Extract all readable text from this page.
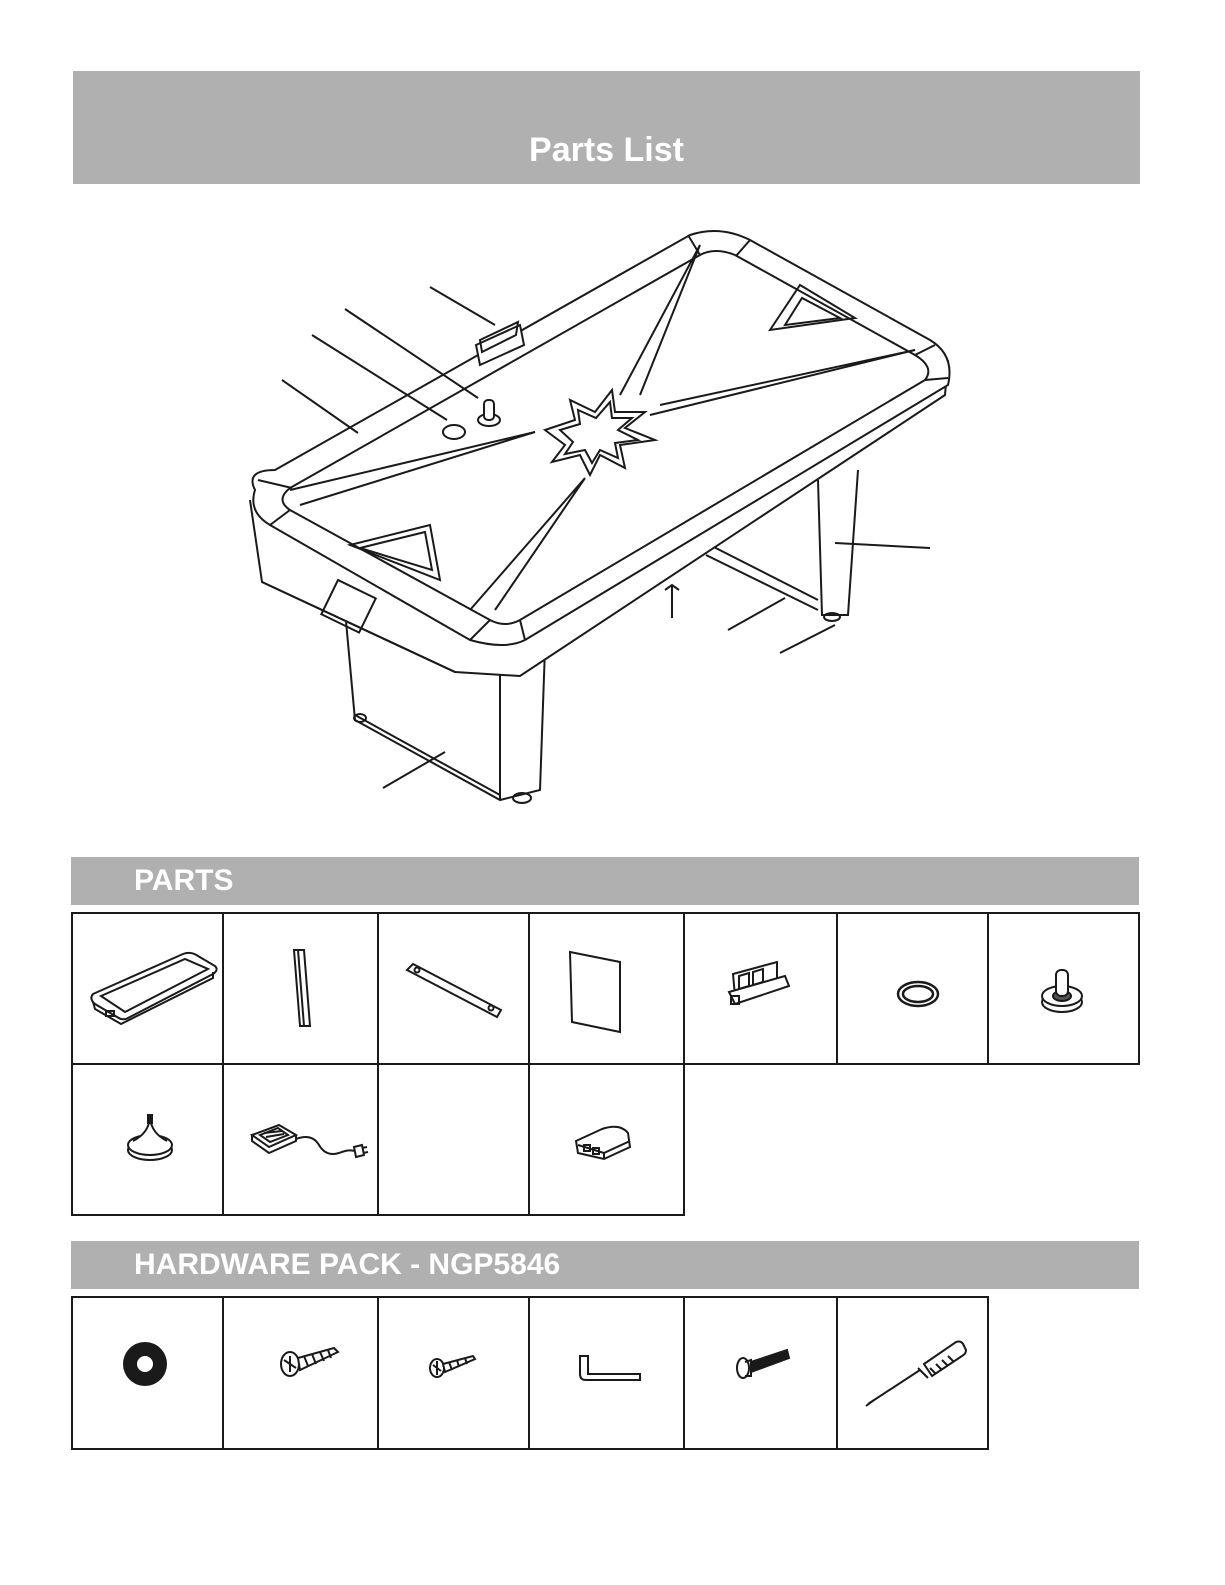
Parts List
PARTS
HARDWARE PACK - NGP5846
